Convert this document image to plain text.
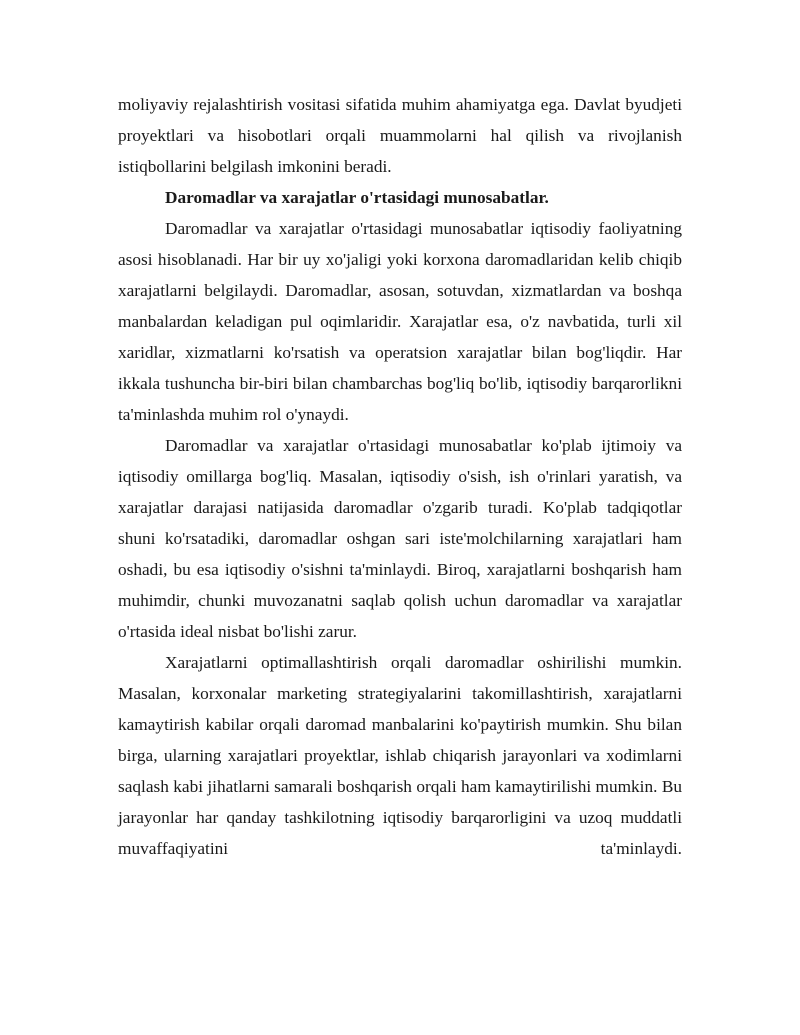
moliyaviy rejalashtirish vositasi sifatida muhim ahamiyatga ega. Davlat byudjeti proyektlari va hisobotlari orqali muammolarni hal qilish va rivojlanish istiqbollarini belgilash imkonini beradi.

Daromadlar va xarajatlar o'rtasidagi munosabatlar.

Daromadlar va xarajatlar o'rtasidagi munosabatlar iqtisodiy faoliyatning asosi hisoblanadi. Har bir uy xo'jaligi yoki korxona daromadlaridan kelib chiqib xarajatlarni belgilaydi. Daromadlar, asosan, sotuvdan, xizmatlardan va boshqa manbalardan keladigan pul oqimlaridir. Xarajatlar esa, o'z navbatida, turli xil xaridlar, xizmatlarni ko'rsatish va operatsion xarajatlar bilan bog'liqdir. Har ikkala tushuncha bir-biri bilan chambarchas bog'liq bo'lib, iqtisodiy barqarorlikni ta'minlashda muhim rol o'ynaydi.

Daromadlar va xarajatlar o'rtasidagi munosabatlar ko'plab ijtimoiy va iqtisodiy omillarga bog'liq. Masalan, iqtisodiy o'sish, ish o'rinlari yaratish, va xarajatlar darajasi natijasida daromadlar o'zgarib turadi. Ko'plab tadqiqotlar shuni ko'rsatadiki, daromadlar oshgan sari iste'molchilarning xarajatlari ham oshadi, bu esa iqtisodiy o'sishni ta'minlaydi. Biroq, xarajatlarni boshqarish ham muhimdir, chunki muvozanatni saqlab qolish uchun daromadlar va xarajatlar o'rtasida ideal nisbat bo'lishi zarur.

Xarajatlarni optimallashtirish orqali daromadlar oshirilishi mumkin. Masalan, korxonalar marketing strategiyalarini takomillashtirish, xarajatlarni kamaytirish kabilar orqali daromad manbalarini ko'paytirish mumkin. Shu bilan birga, ularning xarajatlari proyektlar, ishlab chiqarish jarayonlari va xodimlarni saqlash kabi jihatlarni samarali boshqarish orqali ham kamaytirilishi mumkin. Bu jarayonlar har qanday tashkilotning iqtisodiy barqarorligini va uzoq muddatli muvaffaqiyatini ta'minlaydi.
